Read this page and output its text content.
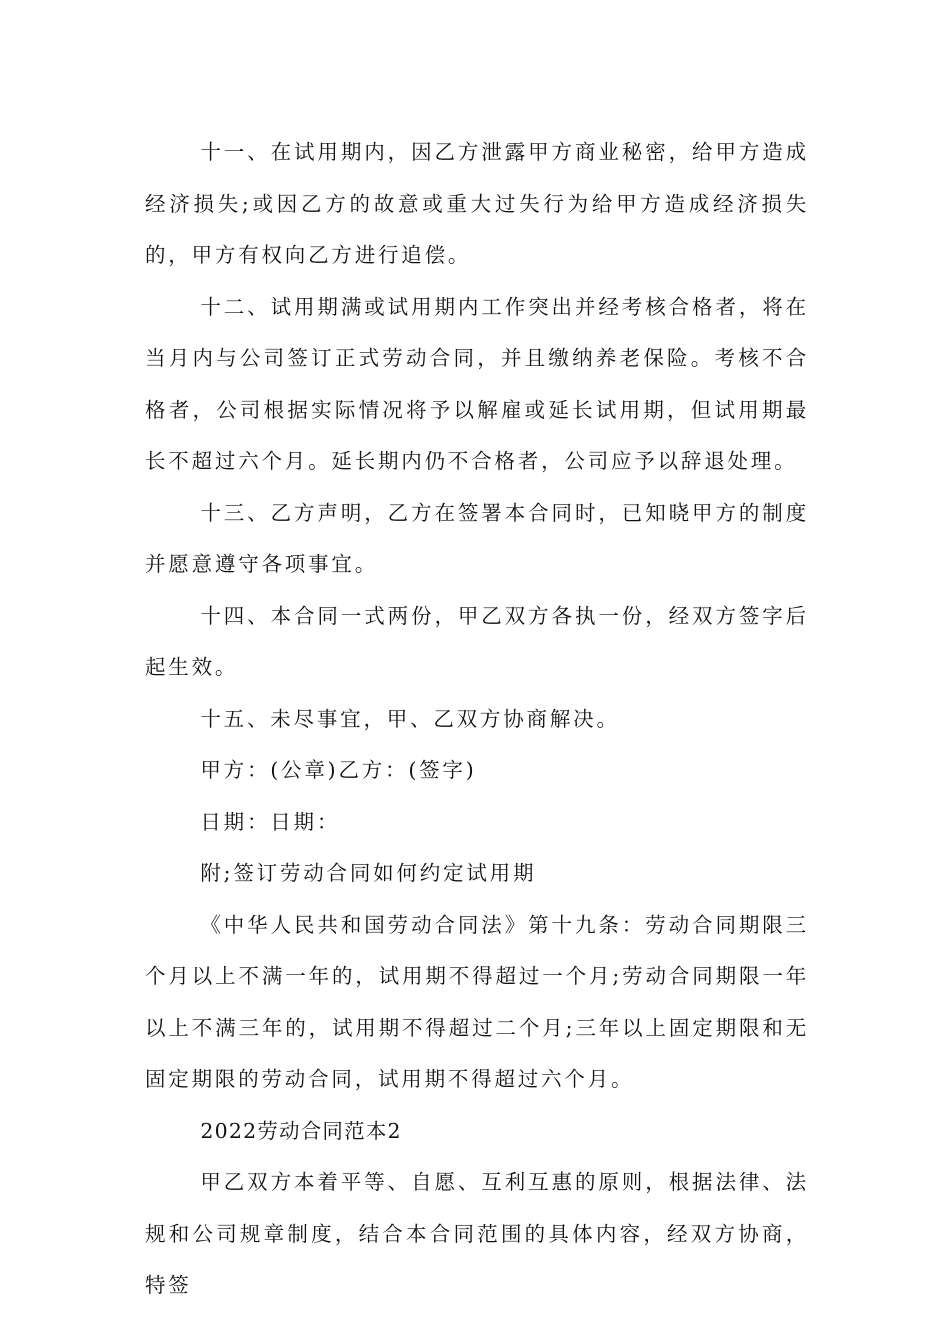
十一、在试用期内，因乙方泄露甲方商业秘密，给甲方造成经济损失;或因乙方的故意或重大过失行为给甲方造成经济损失的，甲方有权向乙方进行追偿。

十二、试用期满或试用期内工作突出并经考核合格者，将在当月内与公司签订正式劳动合同，并且缴纳养老保险。考核不合格者，公司根据实际情况将予以解雇或延长试用期，但试用期最长不超过六个月。延长期内仍不合格者，公司应予以辞退处理。

十三、乙方声明，乙方在签署本合同时，已知晓甲方的制度并愿意遵守各项事宜。

十四、本合同一式两份，甲乙双方各执一份，经双方签字后起生效。

十五、未尽事宜，甲、乙双方协商解决。

甲方：(公章)乙方：(签字)

日期：日期：

附;签订劳动合同如何约定试用期

《中华人民共和国劳动合同法》第十九条：劳动合同期限三个月以上不满一年的，试用期不得超过一个月;劳动合同期限一年以上不满三年的，试用期不得超过二个月;三年以上固定期限和无固定期限的劳动合同，试用期不得超过六个月。

2022劳动合同范本2

甲乙双方本着平等、自愿、互利互惠的原则，根据法律、法规和公司规章制度，结合本合同范围的具体内容，经双方协商，特签
